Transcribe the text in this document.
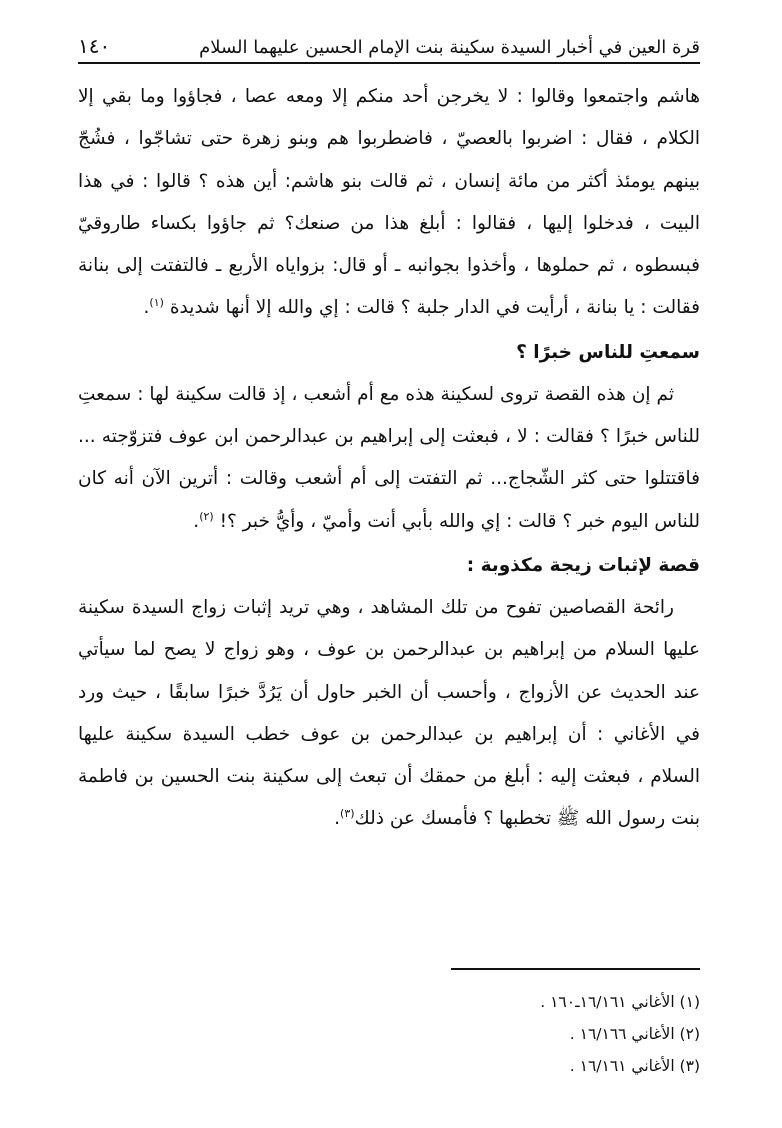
قرة العين في أخبار السيدة سكينة بنت الإمام الحسين عليهما السلام
١٤٠

هاشم واجتمعوا وقالوا : لا يخرجن أحد منكم إلا ومعه عصا ، فجاؤوا وما بقي إلا الكلام ، فقال : اضربوا بالعصيّ ، فاضطربوا هم وبنو زهرة حتى تشاجّوا ، فشُجّ بينهم يومئذ أكثر من مائة إنسان ، ثم قالت بنو هاشم: أين هذه ؟ قالوا : في هذا البيت ، فدخلوا إليها ، فقالوا : أبلغ هذا من صنعك؟ ثم جاؤوا بكساء طاروقيّ فبسطوه ، ثم حملوها ، وأخذوا بجوانبه ـ أو قال: بزواياه الأربع ـ فالتفتت إلى بنانة فقالت : يا بنانة ، أرأيت في الدار جلبة ؟ قالت : إي والله إلا أنها شديدة $^{(١)}$.

سمعتِ للناس خبرًا ؟

ثم إن هذه القصة تروى لسكينة هذه مع أم أشعب ، إذ قالت سكينة لها : سمعتِ للناس خبرًا ؟ فقالت : لا ، فبعثت إلى إبراهيم بن عبدالرحمن ابن عوف فتزوّجته ... فاقتتلوا حتى كثر الشّجاج... ثم التفتت إلى أم أشعب وقالت : أترين الآن أنه كان للناس اليوم خبر ؟ قالت : إي والله بأبي أنت وأميّ ، وأيُّ خبر ؟! $^{(٢)}$.

قصة لإثبات زيجة مكذوبة :

رائحة القصاصين تفوح من تلك المشاهد ، وهي تريد إثبات زواج السيدة سكينة عليها السلام من إبراهيم بن عبدالرحمن بن عوف ، وهو زواج لا يصح لما سيأتي عند الحديث عن الأزواج ، وأحسب أن الخبر حاول أن يَرُدَّ خبرًا سابقًا ، حيث ورد في الأغاني : أن إبراهيم بن عبدالرحمن بن عوف خطب السيدة سكينة عليها السلام ، فبعثت إليه : أبلغ من حمقك أن تبعث إلى سكينة بنت الحسين بن فاطمة بنت رسول الله ﷺ تخطبها ؟ فأمسك عن ذلك$^{(٣)}$.

(١) الأغاني ١٦/١٦١ـ١٦٠ .

(٢) الأغاني ١٦/١٦٦ .

(٣) الأغاني ١٦/١٦١ .
